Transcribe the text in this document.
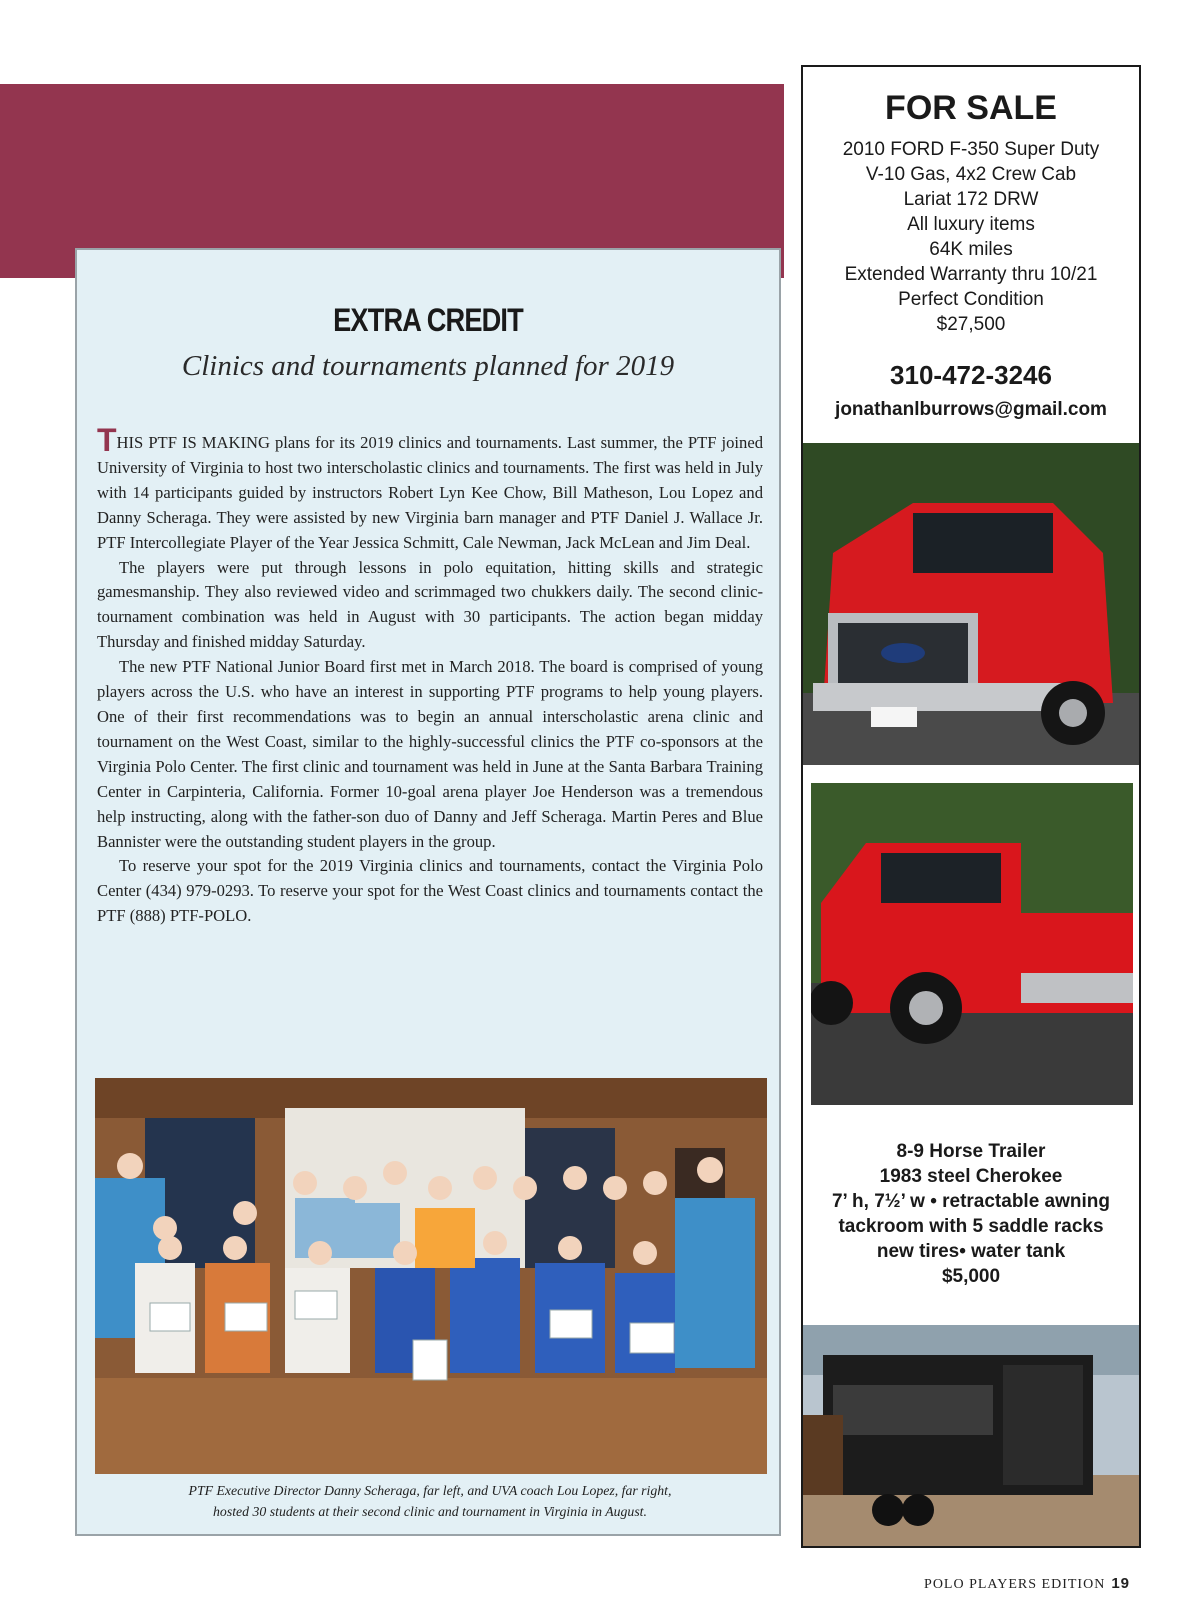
EXTRA CREDIT
Clinics and tournaments planned for 2019

THIS PTF IS MAKING plans for its 2019 clinics and tournaments. Last summer, the PTF joined University of Virginia to host two interscholastic clinics and tournaments. The first was held in July with 14 participants guided by instructors Robert Lyn Kee Chow, Bill Matheson, Lou Lopez and Danny Scheraga. They were assisted by new Virginia barn manager and PTF Daniel J. Wallace Jr. PTF Intercollegiate Player of the Year Jessica Schmitt, Cale Newman, Jack McLean and Jim Deal.

The players were put through lessons in polo equitation, hitting skills and strategic gamesmanship. They also reviewed video and scrimmaged two chukkers daily. The second clinic-tournament combination was held in August with 30 participants. The action began midday Thursday and finished midday Saturday.

The new PTF National Junior Board first met in March 2018. The board is comprised of young players across the U.S. who have an interest in supporting PTF programs to help young players. One of their first recommendations was to begin an annual interscholastic arena clinic and tournament on the West Coast, similar to the highly-successful clinics the PTF co-sponsors at the Virginia Polo Center. The first clinic and tournament was held in June at the Santa Barbara Training Center in Carpinteria, California. Former 10-goal arena player Joe Henderson was a tremendous help instructing, along with the father-son duo of Danny and Jeff Scheraga. Martin Peres and Blue Bannister were the outstanding student players in the group.

To reserve your spot for the 2019 Virginia clinics and tournaments, contact the Virginia Polo Center (434) 979-0293. To reserve your spot for the West Coast clinics and tournaments contact the PTF (888) PTF-POLO.

PTF Executive Director Danny Scheraga, far left, and UVA coach Lou Lopez, far right,
hosted 30 students at their second clinic and tournament in Virginia in August.
FOR SALE
2010 FORD F-350 Super Duty
V-10 Gas, 4x2 Crew Cab
Lariat 172 DRW
All luxury items
64K miles
Extended Warranty thru 10/21
Perfect Condition
$27,500
310-472-3246
jonathanlburrows@gmail.com
8-9 Horse Trailer
1983 steel Cherokee
7’ h, 7½’ w • retractable awning
tackroom with 5 saddle racks
new tires• water tank
$5,000
POLO PLAYERS EDITION 19
